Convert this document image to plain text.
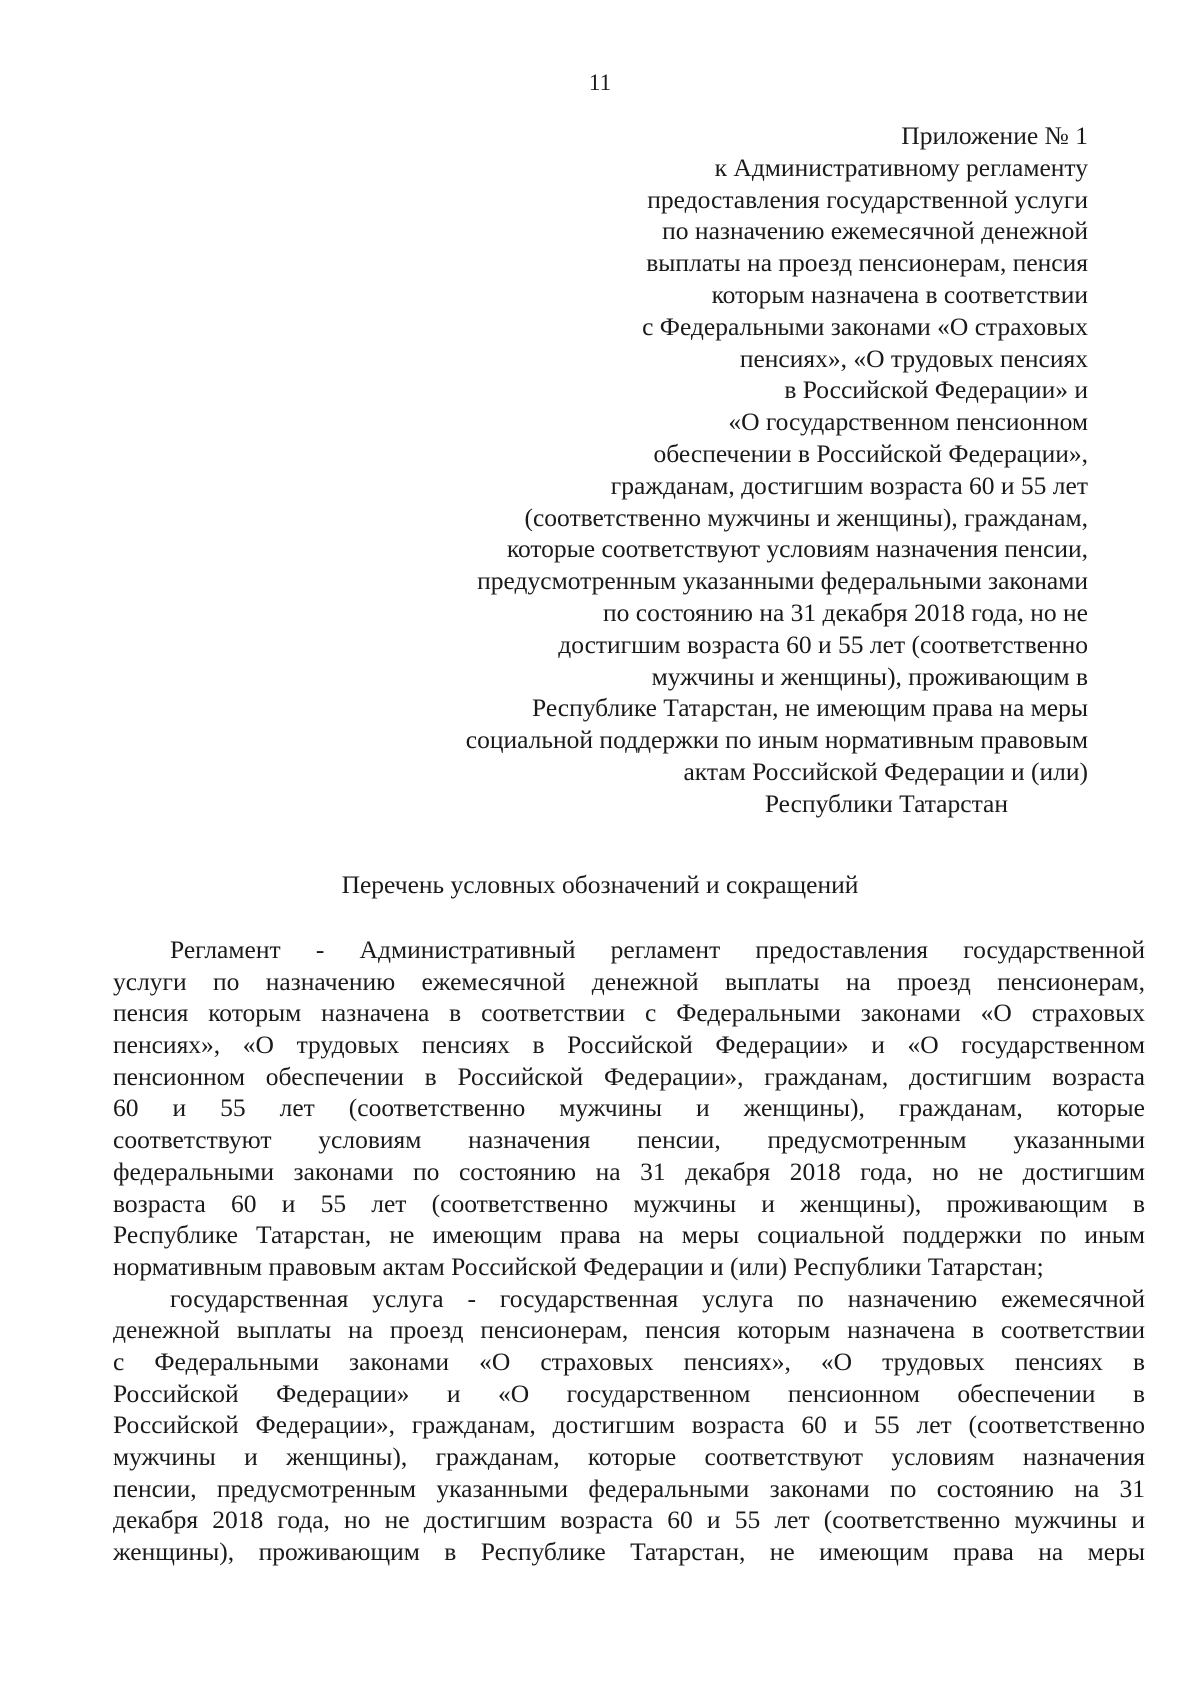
11
Приложение № 1
к Административному регламенту
предоставления государственной услуги
по назначению ежемесячной денежной
выплаты на проезд пенсионерам, пенсия
которым назначена в соответствии
с Федеральными законами «О страховых
пенсиях», «О трудовых пенсиях
в Российской Федерации» и
«О государственном пенсионном
обеспечении в Российской Федерации»,
гражданам, достигшим возраста 60 и 55 лет
(соответственно мужчины и женщины), гражданам,
которые соответствуют условиям назначения пенсии,
предусмотренным указанными федеральными законами
по состоянию на 31 декабря 2018 года, но не
достигшим возраста 60 и 55 лет (соответственно
мужчины и женщины), проживающим в
Республике Татарстан, не имеющим права на меры
социальной поддержки по иным нормативным правовым
актам Российской Федерации и (или)
Республики Татарстан
Перечень условных обозначений и сокращений
Регламент - Административный регламент предоставления государственной
услуги по назначению ежемесячной денежной выплаты на проезд пенсионерам,
пенсия которым назначена в соответствии с Федеральными законами «О страховых
пенсиях», «О трудовых пенсиях в Российской Федерации» и «О государственном
пенсионном обеспечении в Российской Федерации», гражданам, достигшим возраста
60 и 55 лет (соответственно мужчины и женщины), гражданам, которые
соответствуют условиям назначения пенсии, предусмотренным указанными
федеральными законами по состоянию на 31 декабря 2018 года, но не достигшим
возраста 60 и 55 лет (соответственно мужчины и женщины), проживающим в
Республике Татарстан, не имеющим права на меры социальной поддержки по иным
нормативным правовым актам Российской Федерации и (или) Республики Татарстан;
государственная услуга - государственная услуга по назначению ежемесячной
денежной выплаты на проезд пенсионерам, пенсия которым назначена в соответствии
с Федеральными законами «О страховых пенсиях», «О трудовых пенсиях в
Российской Федерации» и «О государственном пенсионном обеспечении в
Российской Федерации», гражданам, достигшим возраста 60 и 55 лет (соответственно
мужчины и женщины), гражданам, которые соответствуют условиям назначения
пенсии, предусмотренным указанными федеральными законами по состоянию на 31
декабря 2018 года, но не достигшим возраста 60 и 55 лет (соответственно мужчины и
женщины), проживающим в Республике Татарстан, не имеющим права на меры
